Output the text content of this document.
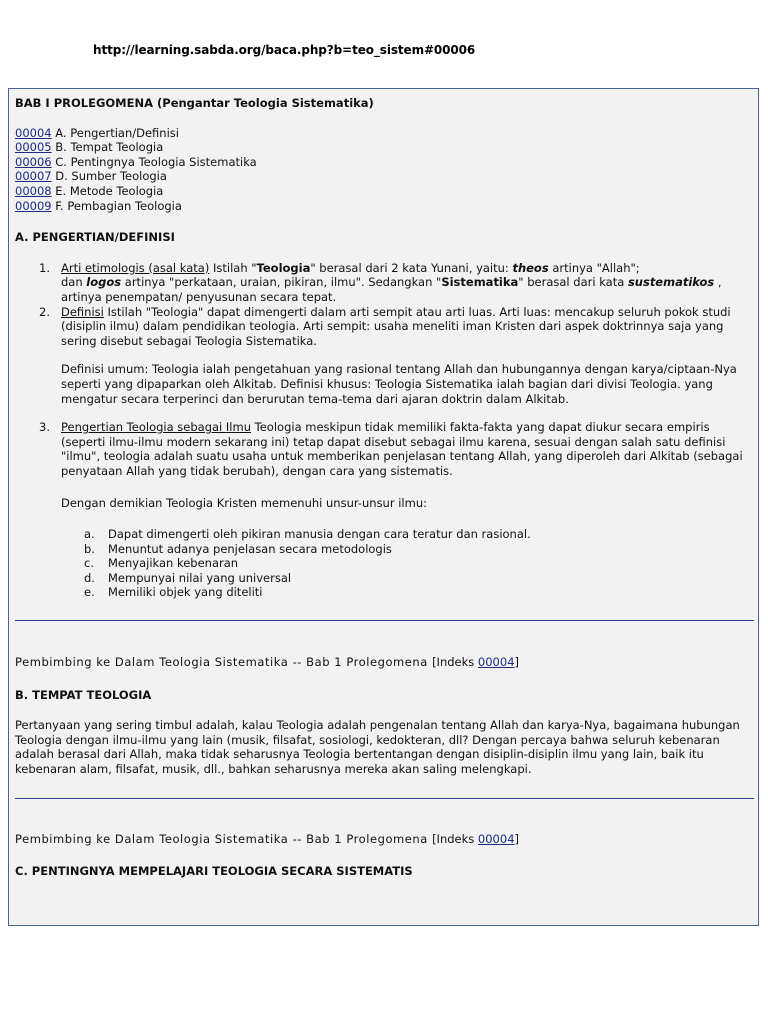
http://learning.sabda.org/baca.php?b=teo_sistem#00006
BAB I PROLEGOMENA (Pengantar Teologia Sistematika)
00004 A. Pengertian/Definisi
00005 B. Tempat Teologia
00006 C. Pentingnya Teologia Sistematika
00007 D. Sumber Teologia
00008 E. Metode Teologia
00009 F. Pembagian Teologia
A. PENGERTIAN/DEFINISI
1. Arti etimologis (asal kata) Istilah "Teologia" berasal dari 2 kata Yunani, yaitu: theos artinya "Allah";
dan logos artinya "perkataan, uraian, pikiran, ilmu". Sedangkan "Sistematika" berasal dari kata sustematikos ,
artinya penempatan/ penyusunan secara tepat.
2. Definisi Istilah "Teologia" dapat dimengerti dalam arti sempit atau arti luas. Arti luas: mencakup seluruh pokok studi (disiplin ilmu) dalam pendidikan teologia. Arti sempit: usaha meneliti iman Kristen dari aspek doktrinnya saja yang sering disebut sebagai Teologia Sistematika.
Definisi umum: Teologia ialah pengetahuan yang rasional tentang Allah dan hubungannya dengan karya/ciptaan-Nya seperti yang dipaparkan oleh Alkitab. Definisi khusus: Teologia Sistematika ialah bagian dari divisi Teologia. yang mengatur secara terperinci dan berurutan tema-tema dari ajaran doktrin dalam Alkitab.
3. Pengertian Teologia sebagai Ilmu Teologia meskipun tidak memiliki fakta-fakta yang dapat diukur secara empiris (seperti ilmu-ilmu modern sekarang ini) tetap dapat disebut sebagai ilmu karena, sesuai dengan salah satu definisi "ilmu", teologia adalah suatu usaha untuk memberikan penjelasan tentang Allah, yang diperoleh dari Alkitab (sebagai penyataan Allah yang tidak berubah), dengan cara yang sistematis.
Dengan demikian Teologia Kristen memenuhi unsur-unsur ilmu:
a. Dapat dimengerti oleh pikiran manusia dengan cara teratur dan rasional.
b. Menuntut adanya penjelasan secara metodologis
c. Menyajikan kebenaran
d. Mempunyai nilai yang universal
e. Memiliki objek yang diteliti
Pembimbing ke Dalam Teologia Sistematika -- Bab 1 Prolegomena [Indeks 00004]
B. TEMPAT TEOLOGIA
Pertanyaan yang sering timbul adalah, kalau Teologia adalah pengenalan tentang Allah dan karya-Nya, bagaimana hubungan Teologia dengan ilmu-ilmu yang lain (musik, filsafat, sosiologi, kedokteran, dll? Dengan percaya bahwa seluruh kebenaran adalah berasal dari Allah, maka tidak seharusnya Teologia bertentangan dengan disiplin-disiplin ilmu yang lain, baik itu kebenaran alam, filsafat, musik, dll., bahkan seharusnya mereka akan saling melengkapi.
Pembimbing ke Dalam Teologia Sistematika -- Bab 1 Prolegomena [Indeks 00004]
C. PENTINGNYA MEMPELAJARI TEOLOGIA SECARA SISTEMATIS
